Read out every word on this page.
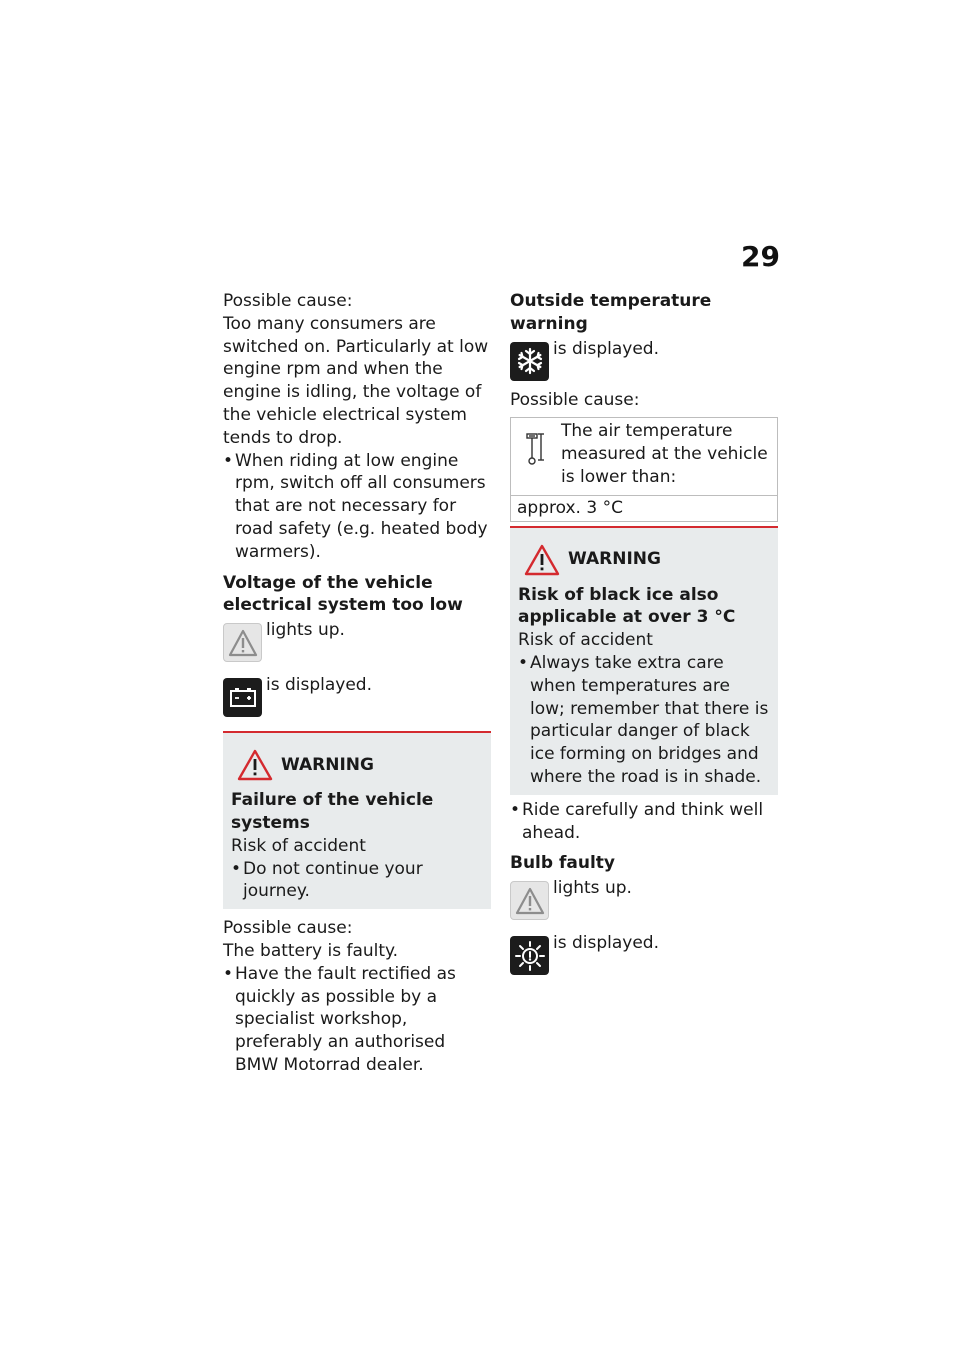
29

Possible cause:

Too many consumers are switched on. Particularly at low engine rpm and when the engine is idling, the voltage of the vehicle electrical system tends to drop.

• When riding at low engine rpm, switch off all consumers that are not necessary for road safety (e.g. heated body warmers).

Voltage of the vehicle electrical system too low

lights up.
is displayed.
WARNING

Failure of the vehicle systems

Risk of accident

• Do not continue your journey.

Possible cause:

The battery is faulty.

• Have the fault rectified as quickly as possible by a specialist workshop, preferably an authorised BMW Motorrad dealer.

Outside temperature warning

is displayed.

Possible cause:

The air temperature measured at the vehicle is lower than:
approx. 3 °C
WARNING

Risk of black ice also applicable at over 3 °C

Risk of accident

• Always take extra care when temperatures are low; remember that there is particular danger of black ice forming on bridges and where the road is in shade.

• Ride carefully and think well ahead.

Bulb faulty

lights up.
is displayed.
